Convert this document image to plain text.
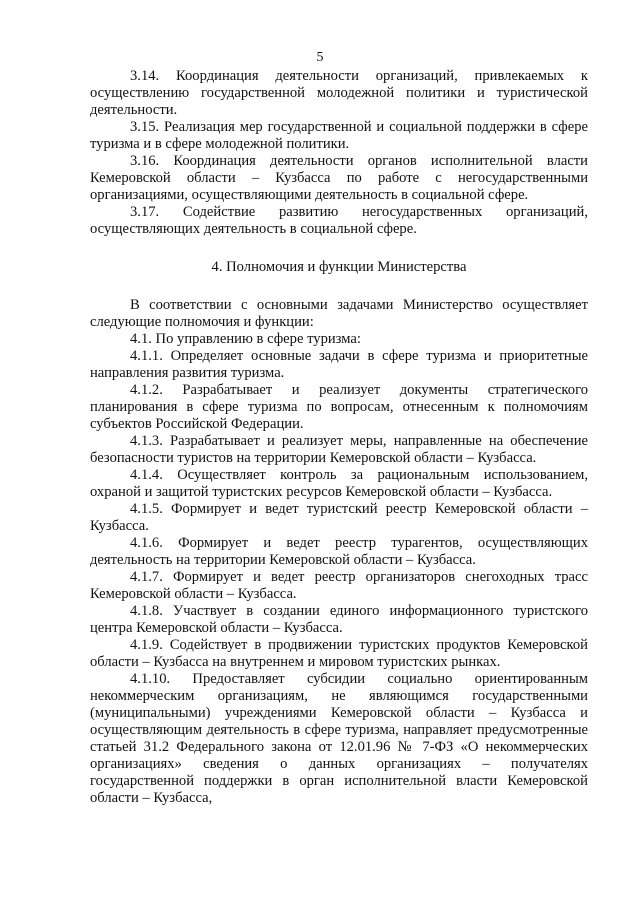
5

3.14. Координация деятельности организаций, привлекаемых к осуществлению государственной молодежной политики и туристической деятельности.

3.15. Реализация мер государственной и социальной поддержки в сфере туризма и в сфере молодежной политики.

3.16. Координация деятельности органов исполнительной власти Кемеровской области – Кузбасса по работе с негосударственными организациями, осуществляющими деятельность в социальной сфере.

3.17. Содействие развитию негосударственных организаций, осуществляющих деятельность в социальной сфере.

4. Полномочия и функции Министерства

В соответствии с основными задачами Министерство осуществляет следующие полномочия и функции:

4.1. По управлению в сфере туризма:

4.1.1. Определяет основные задачи в сфере туризма и приоритетные направления развития туризма.

4.1.2. Разрабатывает и реализует документы стратегического планирования в сфере туризма по вопросам, отнесенным к полномочиям субъектов Российской Федерации.

4.1.3. Разрабатывает и реализует меры, направленные на обеспечение безопасности туристов на территории Кемеровской области – Кузбасса.

4.1.4. Осуществляет контроль за рациональным использованием, охраной и защитой туристских ресурсов Кемеровской области – Кузбасса.

4.1.5. Формирует и ведет туристский реестр Кемеровской области – Кузбасса.

4.1.6. Формирует и ведет реестр турагентов, осуществляющих деятельность на территории Кемеровской области – Кузбасса.

4.1.7. Формирует и ведет реестр организаторов снегоходных трасс Кемеровской области – Кузбасса.

4.1.8. Участвует в создании единого информационного туристского центра Кемеровской области – Кузбасса.

4.1.9. Содействует в продвижении туристских продуктов Кемеровской области – Кузбасса на внутреннем и мировом туристских рынках.

4.1.10. Предоставляет субсидии социально ориентированным некоммерческим организациям, не являющимся государственными (муниципальными) учреждениями Кемеровской области – Кузбасса и осуществляющим деятельность в сфере туризма, направляет предусмотренные статьей 31.2 Федерального закона от 12.01.96 № 7-ФЗ «О некоммерческих организациях» сведения о данных организациях – получателях государственной поддержки в орган исполнительной власти Кемеровской области – Кузбасса,
